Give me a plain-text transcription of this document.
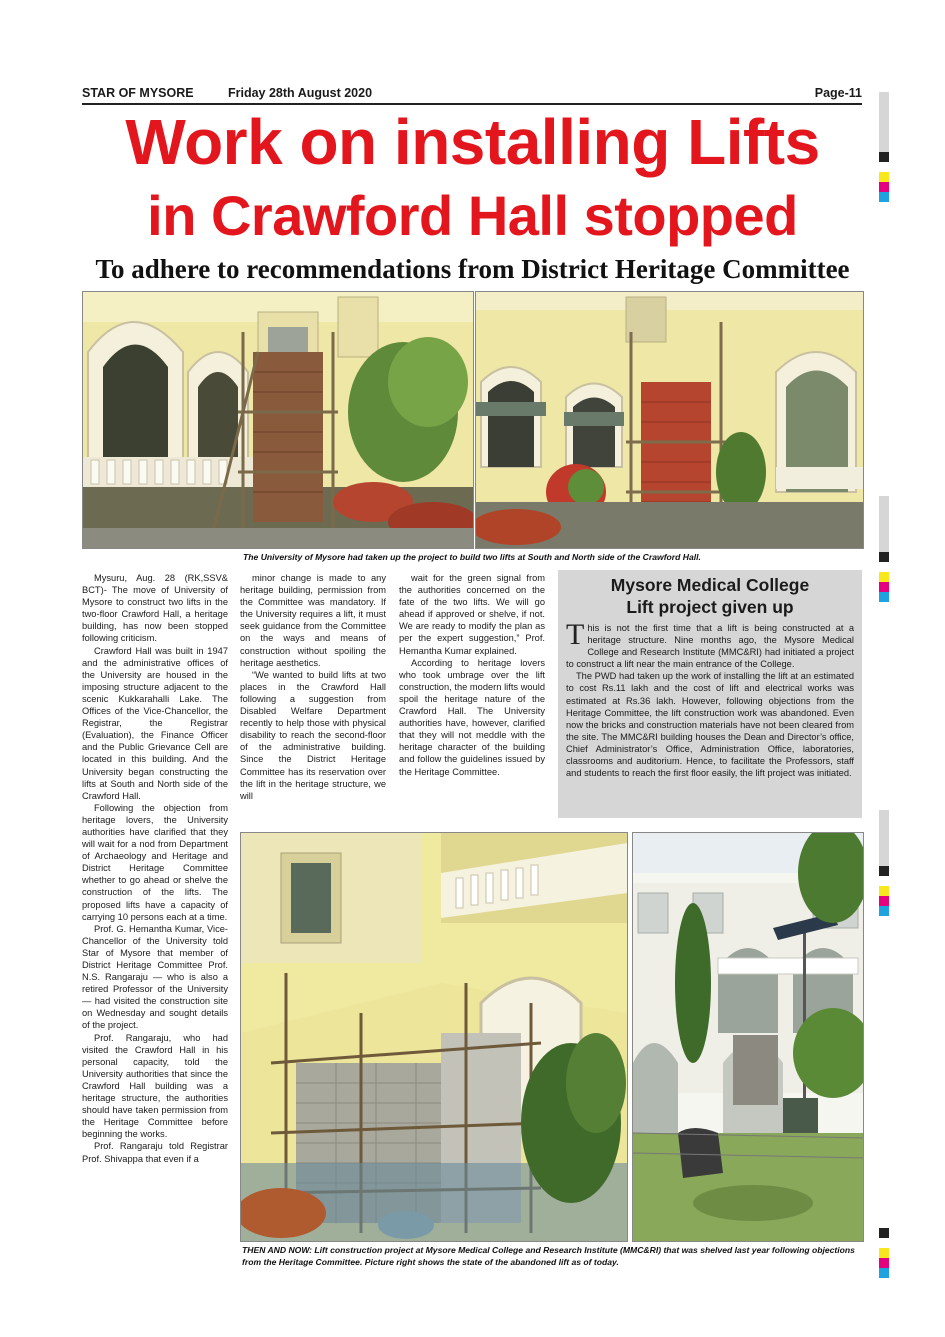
STAR OF MYSORE	Friday 28th August 2020	Page-11
Work on installing Lifts
in Crawford Hall stopped
To adhere to recommendations from District Heritage Committee
The University of Mysore had taken up the project to build two lifts at South and North side of the Crawford Hall.

Mysuru, Aug. 28 (RK,SSV& BCT)- The move of University of Mysore to construct two lifts in the two-floor Crawford Hall, a heritage building, has now been stopped following criticism.

Crawford Hall was built in 1947 and the administrative offices of the University are housed in the imposing structure adjacent to the scenic Kukkarahalli Lake. The Offices of the Vice-Chancellor, the Registrar, the Registrar (Evaluation), the Finance Officer and the Public Grievance Cell are located in this building. And the University began constructing the lifts at South and North side of the Crawford Hall.

Following the objection from heritage lovers, the University authorities have clarified that they will wait for a nod from Department of Archaeology and Heritage and District Heritage Committee whether to go ahead or shelve the construction of the lifts. The proposed lifts have a capacity of carrying 10 persons each at a time.

Prof. G. Hemantha Kumar, Vice-Chancellor of the University told Star of Mysore that member of District Heritage Committee Prof. N.S. Rangaraju — who is also a retired Professor of the University — had visited the construction site on Wednesday and sought details of the project.

Prof. Rangaraju, who had visited the Crawford Hall in his personal capacity, told the University authorities that since the Crawford Hall building was a heritage structure, the authorities should have taken permission from the Heritage Committee before beginning the works.

Prof. Rangaraju told Registrar Prof. Shivappa that even if a

minor change is made to any heritage building, permission from the Committee was mandatory. If the University requires a lift, it must seek guidance from the Committee on the ways and means of construction without spoiling the heritage aesthetics.

“We wanted to build lifts at two places in the Crawford Hall following a suggestion from Disabled Welfare Department recently to help those with physical disability to reach the second-floor of the administrative building. Since the District Heritage Committee has its reservation over the lift in the heritage structure, we will

wait for the green signal from the authorities concerned on the fate of the two lifts. We will go ahead if approved or shelve, if not. We are ready to modify the plan as per the expert suggestion,” Prof. Hemantha Kumar explained.

According to heritage lovers who took umbrage over the lift construction, the modern lifts would spoil the heritage nature of the Crawford Hall. The University authorities have, however, clarified that they will not meddle with the heritage character of the building and follow the guidelines issued by the Heritage Committee.

Mysore Medical College
Lift project given up

This is not the first time that a lift is being constructed at a heritage structure. Nine months ago, the Mysore Medical College and Research Institute (MMC&RI) had initiated a project to construct a lift near the main entrance of the College.

The PWD had taken up the work of installing the lift at an estimated to cost Rs.11 lakh and the cost of lift and electrical works was estimated at Rs.36 lakh. However, following objections from the Heritage Committee, the lift construction work was abandoned. Even now the bricks and construction materials have not been cleared from the site. The MMC&RI building houses the Dean and Director’s office, Chief Administrator’s Office, Administration Office, laboratories, classrooms and auditorium. Hence, to facilitate the Professors, staff and students to reach the first floor easily, the lift project was initiated.

THEN AND NOW: Lift construction project at Mysore Medical College and Research Institute (MMC&RI) that was shelved last year following objections from the Heritage Committee. Picture right shows the state of the abandoned lift as of today.
